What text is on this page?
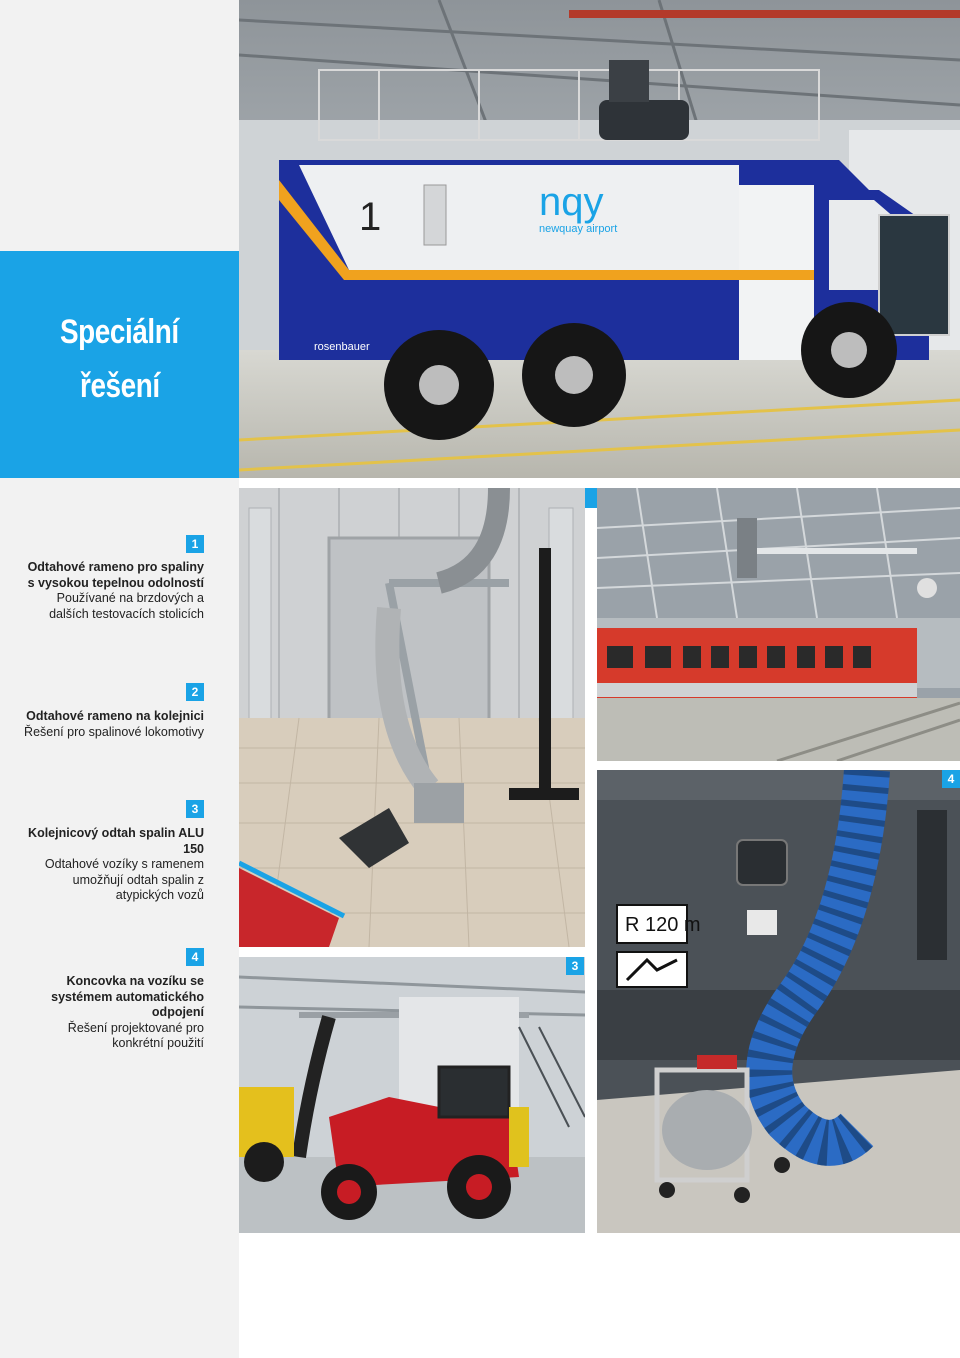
Speciální
řešení
1	nqy
newquay airport
rosenbauer
R 120 m
4
3
1
Odtahové rameno pro spaliny s vysokou tepelnou odolností
Používané na brzdových a dalších testovacích stolicích
2
Odtahové rameno na kolejnici
Řešení pro spalinové lokomotivy
3
Kolejnicový odtah spalin ALU 150
Odtahové vozíky s ramenem umožňují odtah spalin z atypických vozů
4
Koncovka na vozíku se systémem automatického odpojení
Řešení projektované pro konkrétní použití
